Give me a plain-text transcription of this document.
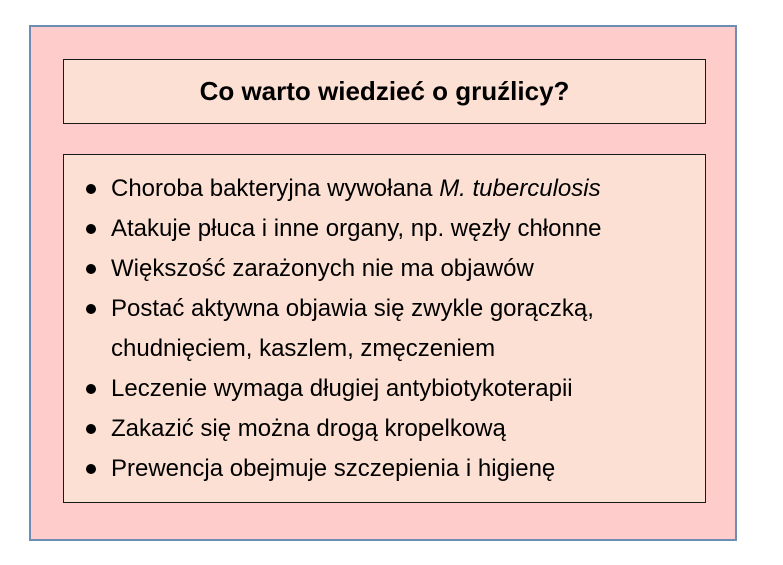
Co warto wiedzieć o gruźlicy?
Choroba bakteryjna wywołana M. tuberculosis
Atakuje płuca i inne organy, np. węzły chłonne
Większość zarażonych nie ma objawów
Postać aktywna objawia się zwykle gorączką,
chudnięciem, kaszlem, zmęczeniem
Leczenie wymaga długiej antybiotykoterapii
Zakazić się można drogą kropelkową
Prewencja obejmuje szczepienia i higienę
